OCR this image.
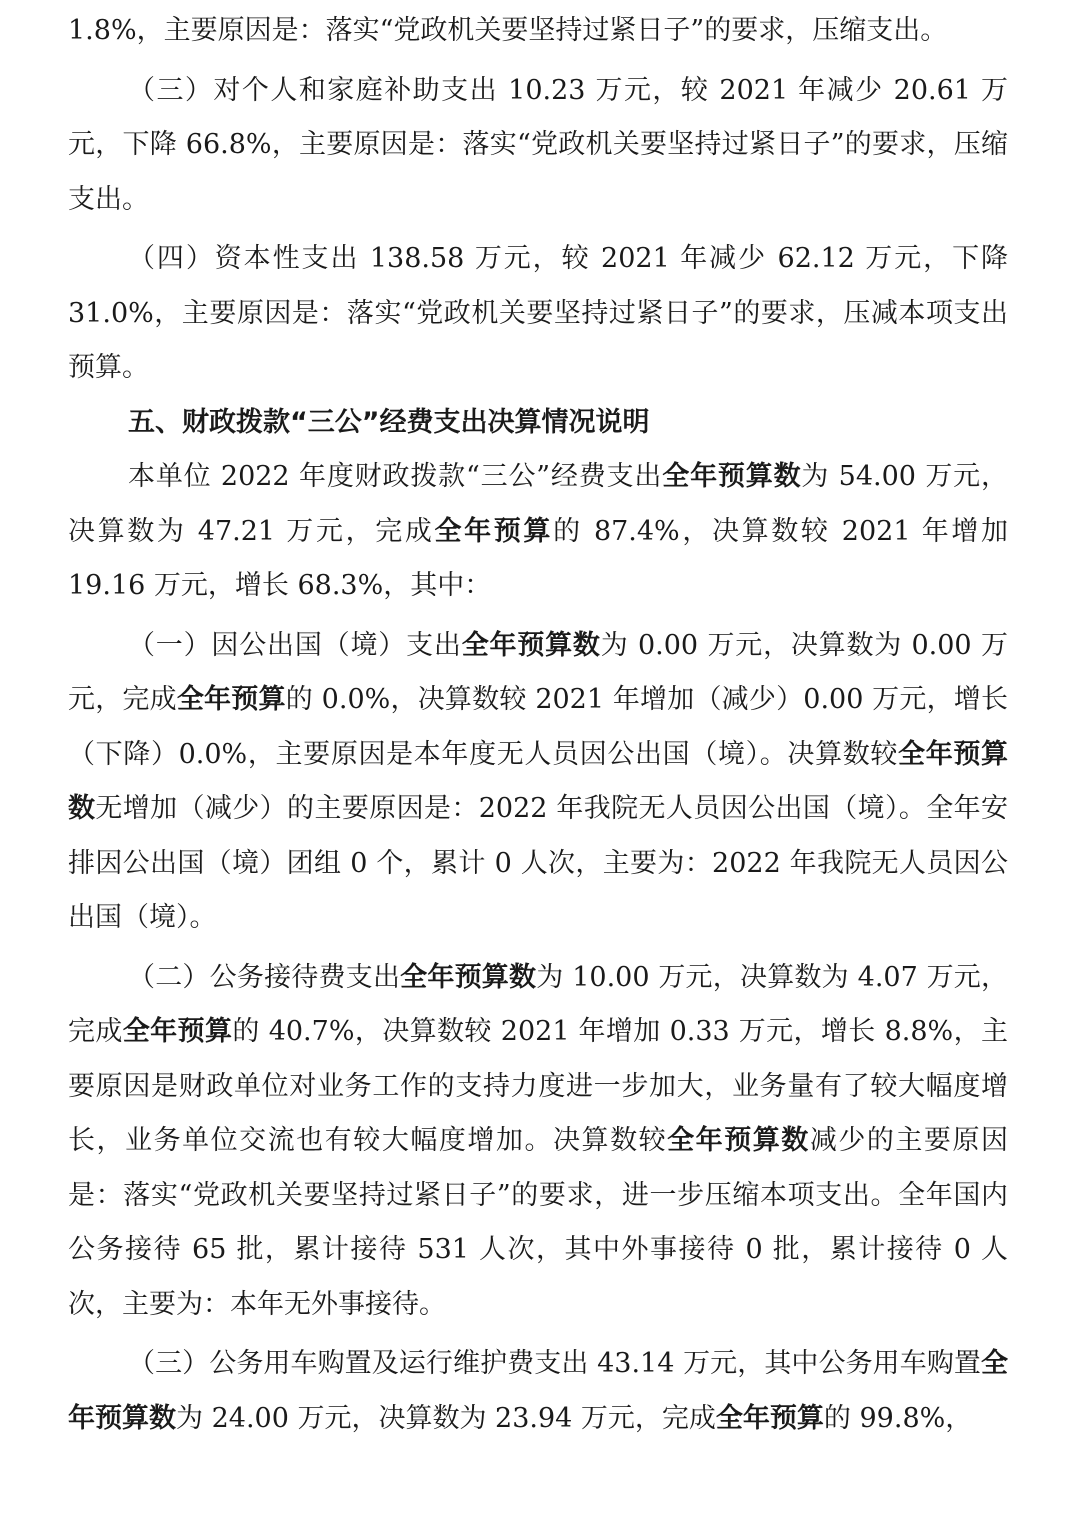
1.8%，主要原因是：落实“党政机关要坚持过紧日子”的要求，压缩支出。

（三）对个人和家庭补助支出 10.23 万元，较 2021 年减少 20.61 万元，下降 66.8%，主要原因是：落实“党政机关要坚持过紧日子”的要求，压缩支出。

（四）资本性支出 138.58 万元，较 2021 年减少 62.12 万元，下降 31.0%，主要原因是：落实“党政机关要坚持过紧日子”的要求，压减本项支出预算。

五、财政拨款“三公”经费支出决算情况说明

本单位 2022 年度财政拨款“三公”经费支出全年预算数为 54.00 万元，决算数为 47.21 万元，完成全年预算的 87.4%，决算数较 2021 年增加 19.16 万元，增长 68.3%，其中：

（一）因公出国（境）支出全年预算数为 0.00 万元，决算数为 0.00 万元，完成全年预算的 0.0%，决算数较 2021 年增加（减少）0.00 万元，增长（下降）0.0%，主要原因是本年度无人员因公出国（境）。决算数较全年预算数无增加（减少）的主要原因是：2022 年我院无人员因公出国（境）。全年安排因公出国（境）团组 0 个，累计 0 人次，主要为：2022 年我院无人员因公出国（境）。

（二）公务接待费支出全年预算数为 10.00 万元，决算数为 4.07 万元，完成全年预算的 40.7%，决算数较 2021 年增加 0.33 万元，增长 8.8%，主要原因是财政单位对业务工作的支持力度进一步加大，业务量有了较大幅度增长，业务单位交流也有较大幅度增加。决算数较全年预算数减少的主要原因是：落实“党政机关要坚持过紧日子”的要求，进一步压缩本项支出。全年国内公务接待 65 批，累计接待 531 人次，其中外事接待 0 批，累计接待 0 人次，主要为：本年无外事接待。

（三）公务用车购置及运行维护费支出 43.14 万元，其中公务用车购置全年预算数为 24.00 万元，决算数为 23.94 万元，完成全年预算的 99.8%，
